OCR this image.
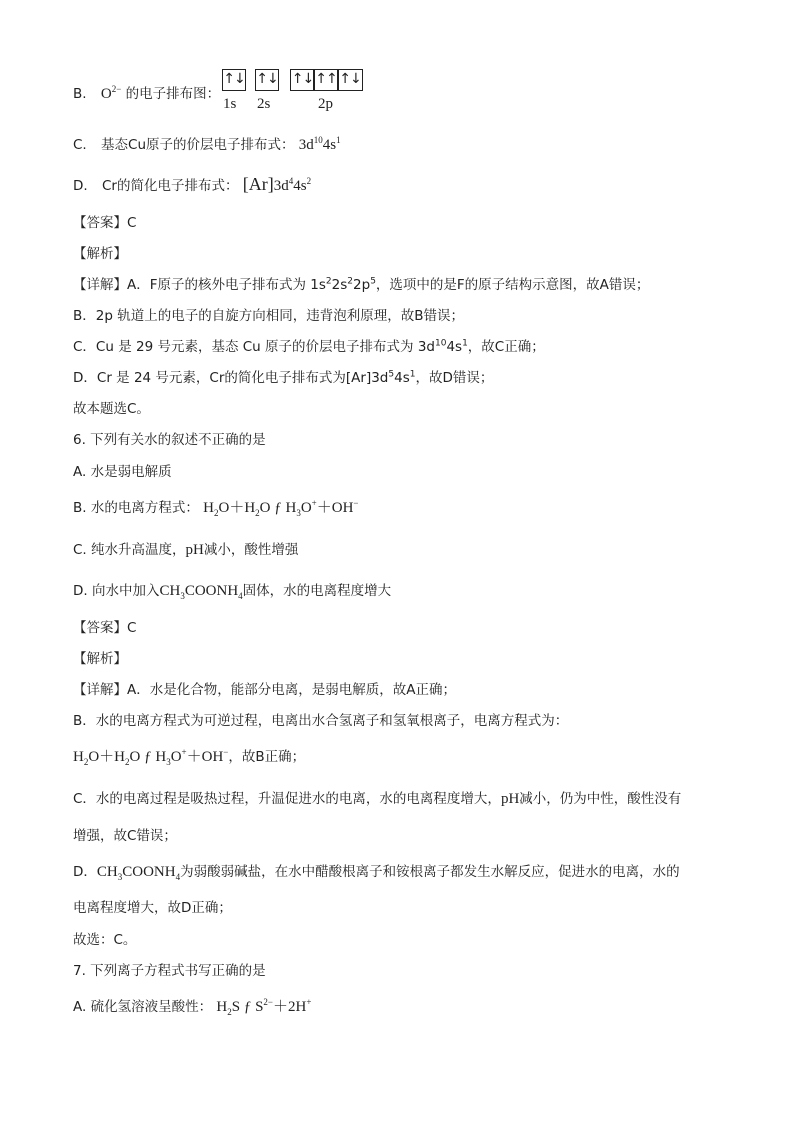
B. $O^{2-}$ 的电子排布图：
↑↓ ↑↓ ↑↓ ↑↑ ↑↓
1s 2s	2p
C. 基态Cu原子的价层电子排布式： $3d^{10}4s^1$
D. Cr的简化电子排布式： $[Ar]3d^44s^2$
【答案】C
【解析】
【详解】A．F原子的核外电子排布式为 $1s^22s^22p^5$，选项中的是F的原子结构示意图，故A错误；
B．2p 轨道上的电子的自旋方向相同，违背泡利原理，故B错误；
C．Cu 是 29 号元素，基态 Cu 原子的价层电子排布式为 $3d^{10}4s^1$，故C正确；
D．Cr 是 24 号元素，Cr的简化电子排布式为$[Ar]3d^54s^1$，故D错误；
故本题选C。
6. 下列有关水的叙述不正确的是
A. 水是弱电解质
B. 水的电离方程式： $H_2O+H_2O$ ƒ $H_3O^++OH^-$
C. 纯水升高温度，pH减小，酸性增强
D. 向水中加入$CH_3COONH_4$固体，水的电离程度增大
【答案】C
【解析】
【详解】A．水是化合物，能部分电离，是弱电解质，故A正确；
B．水的电离方程式为可逆过程，电离出水合氢离子和氢氧根离子，电离方程式为：
$H_2O+H_2O$ ƒ $H_3O^++OH^-$，故B正确；
C．水的电离过程是吸热过程，升温促进水的电离，水的电离程度增大，pH减小，仍为中性，酸性没有
增强，故C错误；
D．$CH_3COONH_4$为弱酸弱碱盐，在水中醋酸根离子和铵根离子都发生水解反应，促进水的电离，水的
电离程度增大，故D正确；
故选：C。
7. 下列离子方程式书写正确的是
A. 硫化氢溶液呈酸性： $H_2S$ ƒ $S^{2-}+2H^+$
